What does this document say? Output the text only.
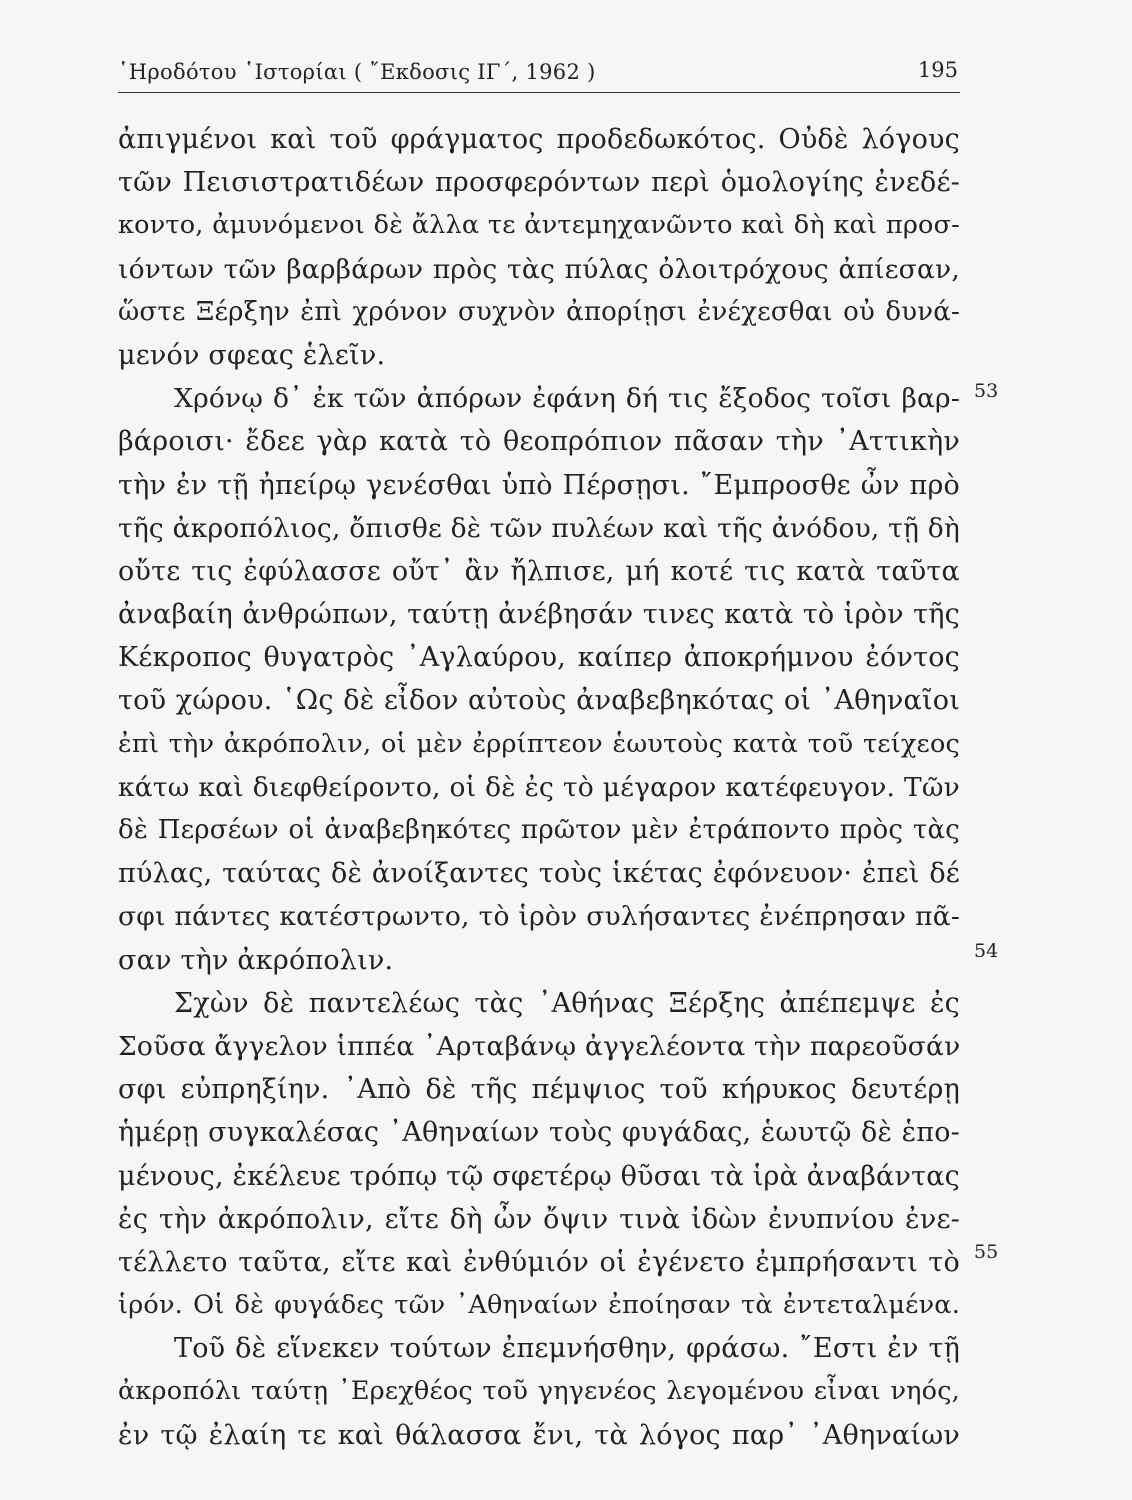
῾Ηροδότου ῾Ιστορίαι ( ῎Εκδοσις ΙΓ΄, 1962 )	195
ἀπιγμένοι καὶ τοῦ φράγματος προδεδωκότος. Οὐδὲ λόγους
τῶν Πεισιστρατιδέων προσφερόντων περὶ ὁμολογίης ἐνεδέ-
κοντο, ἀμυνόμενοι δὲ ἄλλα τε ἀντεμηχανῶντο καὶ δὴ καὶ προσ-
ιόντων τῶν βαρβάρων πρὸς τὰς πύλας ὀλοιτρόχους ἀπίεσαν,
ὥστε Ξέρξην ἐπὶ χρόνον συχνὸν ἀπορίῃσι ἐνέχεσθαι οὐ δυνά-
μενόν σφεας ἑλεῖν.
Χρόνῳ δ᾽ ἐκ τῶν ἀπόρων ἐφάνη δή τις ἔξοδος τοῖσι βαρ-
βάροισι· ἔδεε γὰρ κατὰ τὸ θεοπρόπιον πᾶσαν τὴν ᾽Αττικὴν
τὴν ἐν τῇ ἠπείρῳ γενέσθαι ὑπὸ Πέρσῃσι. ῎Εμπροσθε ὦν πρὸ
τῆς ἀκροπόλιος, ὄπισθε δὲ τῶν πυλέων καὶ τῆς ἀνόδου, τῇ δὴ
οὔτε τις ἐφύλασσε οὔτ᾽ ἂν ἤλπισε, μή κοτέ τις κατὰ ταῦτα
ἀναβαίη ἀνθρώπων, ταύτῃ ἀνέβησάν τινες κατὰ τὸ ἱρὸν τῆς
Κέκροπος θυγατρὸς ᾽Αγλαύρου, καίπερ ἀποκρήμνου ἐόντος
τοῦ χώρου. ῾Ως δὲ εἶδον αὐτοὺς ἀναβεβηκότας οἱ ᾽Αθηναῖοι
ἐπὶ τὴν ἀκρόπολιν, οἱ μὲν ἐρρίπτεον ἑωυτοὺς κατὰ τοῦ τείχεος
κάτω καὶ διεφθείροντο, οἱ δὲ ἐς τὸ μέγαρον κατέφευγον. Τῶν
δὲ Περσέων οἱ ἀναβεβηκότες πρῶτον μὲν ἐτράποντο πρὸς τὰς
πύλας, ταύτας δὲ ἀνοίξαντες τοὺς ἱκέτας ἐφόνευον· ἐπεὶ δέ
σφι πάντες κατέστρωντο, τὸ ἱρὸν συλήσαντες ἐνέπρησαν πᾶ-
σαν τὴν ἀκρόπολιν.
Σχὼν δὲ παντελέως τὰς ᾽Αθήνας Ξέρξης ἀπέπεμψε ἐς
Σοῦσα ἄγγελον ἱππέα ᾽Αρταβάνῳ ἀγγελέοντα τὴν παρεοῦσάν
σφι εὐπρηξίην. ᾽Απὸ δὲ τῆς πέμψιος τοῦ κήρυκος δευτέρῃ
ἡμέρῃ συγκαλέσας ᾽Αθηναίων τοὺς φυγάδας, ἑωυτῷ δὲ ἑπο-
μένους, ἐκέλευε τρόπῳ τῷ σφετέρῳ θῦσαι τὰ ἱρὰ ἀναβάντας
ἐς τὴν ἀκρόπολιν, εἴτε δὴ ὦν ὄψιν τινὰ ἰδὼν ἐνυπνίου ἐνε-
τέλλετο ταῦτα, εἴτε καὶ ἐνθύμιόν οἱ ἐγένετο ἐμπρήσαντι τὸ
ἱρόν. Οἱ δὲ φυγάδες τῶν ᾽Αθηναίων ἐποίησαν τὰ ἐντεταλμένα.
Τοῦ δὲ εἵνεκεν τούτων ἐπεμνήσθην, φράσω. ῎Εστι ἐν τῇ
ἀκροπόλι ταύτῃ ᾽Ερεχθέος τοῦ γηγενέος λεγομένου εἶναι νηός,
ἐν τῷ ἐλαίη τε καὶ θάλασσα ἔνι, τὰ λόγος παρ᾽ ᾽Αθηναίων
53
54
55
